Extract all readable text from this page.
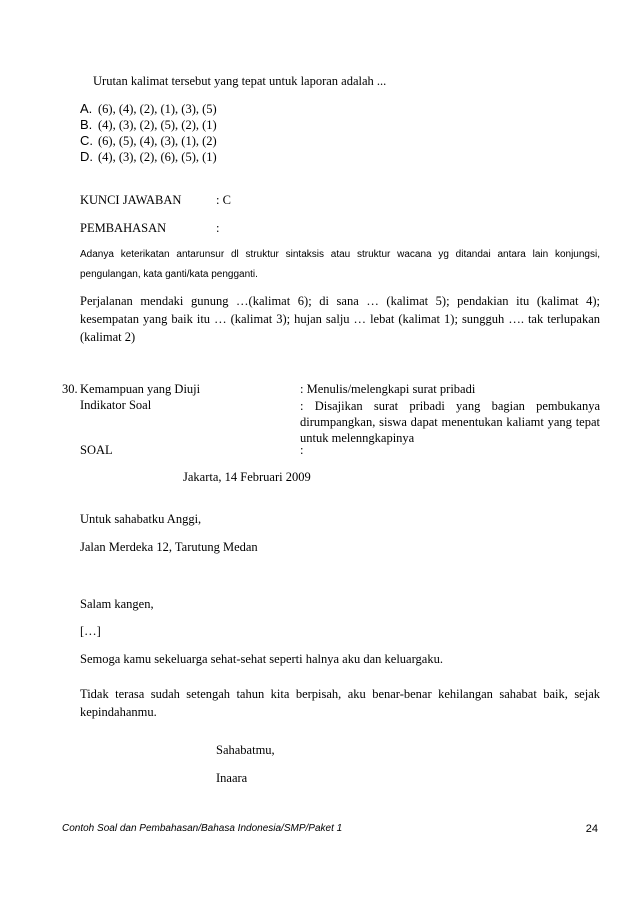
Urutan kalimat tersebut yang tepat untuk laporan adalah ...
A. (6), (4), (2), (1), (3), (5)
B. (4), (3), (2), (5), (2), (1)
C. (6), (5), (4), (3), (1), (2)
D. (4), (3), (2), (6), (5), (1)
KUNCI JAWABAN	: C
PEMBAHASAN	:
Adanya keterikatan antarunsur dl struktur sintaksis atau struktur wacana yg ditandai antara lain konjungsi, pengulangan, kata ganti/kata pengganti.
Perjalanan mendaki gunung …(kalimat 6); di sana … (kalimat 5); pendakian itu (kalimat 4); kesempatan yang baik itu … (kalimat 3); hujan salju … lebat (kalimat 1); sungguh …. tak terlupakan (kalimat 2)
30. Kemampuan yang Diuji	: Menulis/melengkapi surat pribadi
Indikator Soal	: Disajikan surat pribadi yang bagian pembukanya dirumpangkan, siswa dapat menentukan kaliamt yang tepat untuk melenngkapinya
SOAL	:
Jakarta, 14 Februari 2009
Untuk sahabatku Anggi,
Jalan Merdeka 12, Tarutung Medan
Salam kangen,
[…]
Semoga kamu sekeluarga sehat-sehat seperti halnya aku dan keluargaku.
Tidak terasa sudah setengah tahun kita berpisah, aku benar-benar kehilangan sahabat baik, sejak kepindahanmu.
Sahabatmu,
Inaara
Contoh Soal dan Pembahasan/Bahasa Indonesia/SMP/Paket 1	24
